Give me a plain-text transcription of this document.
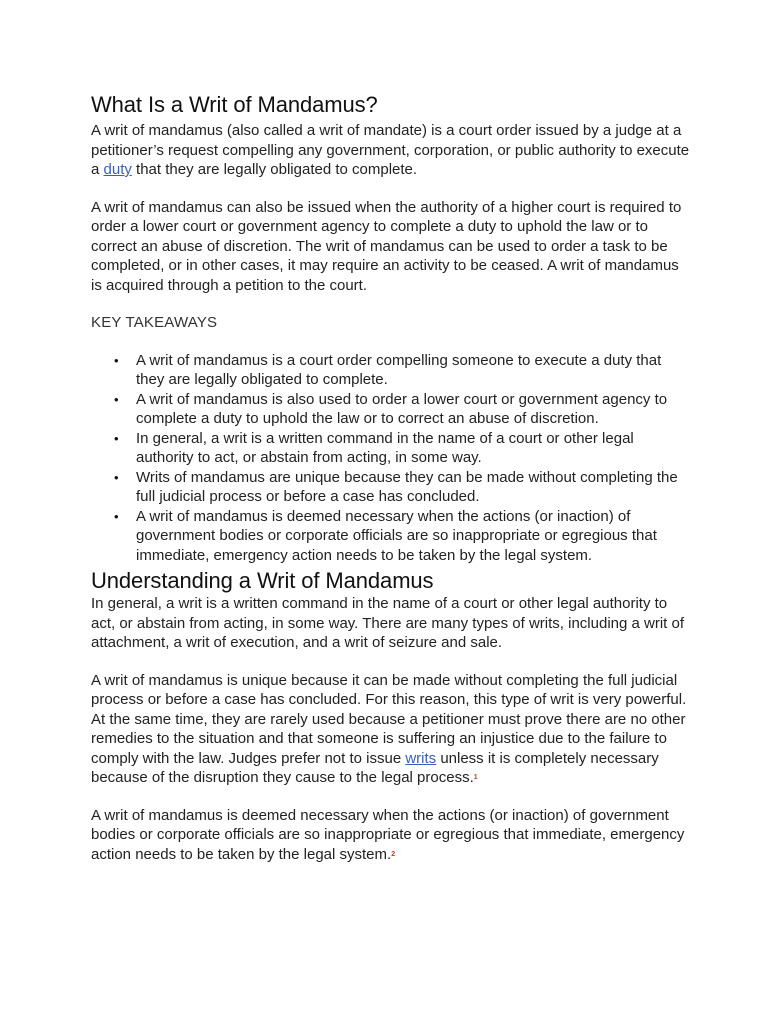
What Is a Writ of Mandamus?

A writ of mandamus (also called a writ of mandate) is a court order issued by a judge at a petitioner’s request compelling any government, corporation, or public authority to execute a duty that they are legally obligated to complete.

A writ of mandamus can also be issued when the authority of a higher court is required to order a lower court or government agency to complete a duty to uphold the law or to correct an abuse of discretion. The writ of mandamus can be used to order a task to be completed, or in other cases, it may require an activity to be ceased. A writ of mandamus is acquired through a petition to the court.

KEY TAKEAWAYS
• A writ of mandamus is a court order compelling someone to execute a duty that they are legally obligated to complete.
• A writ of mandamus is also used to order a lower court or government agency to complete a duty to uphold the law or to correct an abuse of discretion.
• In general, a writ is a written command in the name of a court or other legal authority to act, or abstain from acting, in some way.
• Writs of mandamus are unique because they can be made without completing the full judicial process or before a case has concluded.
• A writ of mandamus is deemed necessary when the actions (or inaction) of government bodies or corporate officials are so inappropriate or egregious that immediate, emergency action needs to be taken by the legal system.
Understanding a Writ of Mandamus

In general, a writ is a written command in the name of a court or other legal authority to act, or abstain from acting, in some way. There are many types of writs, including a writ of attachment, a writ of execution, and a writ of seizure and sale.

A writ of mandamus is unique because it can be made without completing the full judicial process or before a case has concluded. For this reason, this type of writ is very powerful. At the same time, they are rarely used because a petitioner must prove there are no other remedies to the situation and that someone is suffering an injustice due to the failure to comply with the law. Judges prefer not to issue writs unless it is completely necessary because of the disruption they cause to the legal process.$^1$

A writ of mandamus is deemed necessary when the actions (or inaction) of government bodies or corporate officials are so inappropriate or egregious that immediate, emergency action needs to be taken by the legal system.$^2$
